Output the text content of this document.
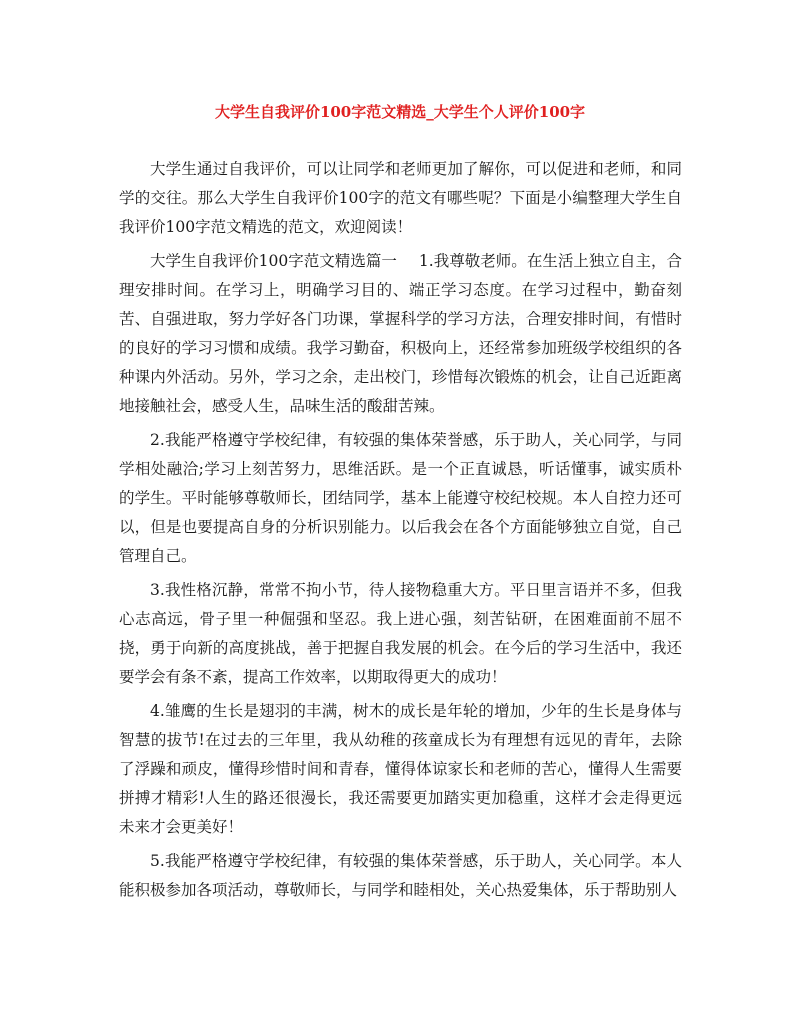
大学生自我评价100字范文精选_大学生个人评价100字

大学生通过自我评价，可以让同学和老师更加了解你，可以促进和老师，和同学的交往。那么大学生自我评价100字的范文有哪些呢？下面是小编整理大学生自我评价100字范文精选的范文，欢迎阅读！

大学生自我评价100字范文精选篇一 1.我尊敬老师。在生活上独立自主，合理安排时间。在学习上，明确学习目的、端正学习态度。在学习过程中，勤奋刻苦、自强进取，努力学好各门功课，掌握科学的学习方法，合理安排时间，有惜时的良好的学习习惯和成绩。我学习勤奋，积极向上，还经常参加班级学校组织的各种课内外活动。另外，学习之余，走出校门，珍惜每次锻炼的机会，让自己近距离地接触社会，感受人生，品味生活的酸甜苦辣。

2.我能严格遵守学校纪律，有较强的集体荣誉感，乐于助人，关心同学，与同学相处融洽;学习上刻苦努力，思维活跃。是一个正直诚恳，听话懂事，诚实质朴的学生。平时能够尊敬师长，团结同学，基本上能遵守校纪校规。本人自控力还可以，但是也要提高自身的分析识别能力。以后我会在各个方面能够独立自觉，自己管理自己。

3.我性格沉静，常常不拘小节，待人接物稳重大方。平日里言语并不多，但我心志高远，骨子里一种倔强和坚忍。我上进心强，刻苦钻研，在困难面前不屈不挠，勇于向新的高度挑战，善于把握自我发展的机会。在今后的学习生活中，我还要学会有条不紊，提高工作效率，以期取得更大的成功！

4.雏鹰的生长是翅羽的丰满，树木的成长是年轮的增加，少年的生长是身体与智慧的拔节!在过去的三年里，我从幼稚的孩童成长为有理想有远见的青年，去除了浮躁和顽皮，懂得珍惜时间和青春，懂得体谅家长和老师的苦心，懂得人生需要拼搏才精彩!人生的路还很漫长，我还需要更加踏实更加稳重，这样才会走得更远未来才会更美好！

5.我能严格遵守学校纪律，有较强的集体荣誉感，乐于助人，关心同学。本人能积极参加各项活动，尊敬师长，与同学和睦相处，关心热爱集体，乐于帮助别人
